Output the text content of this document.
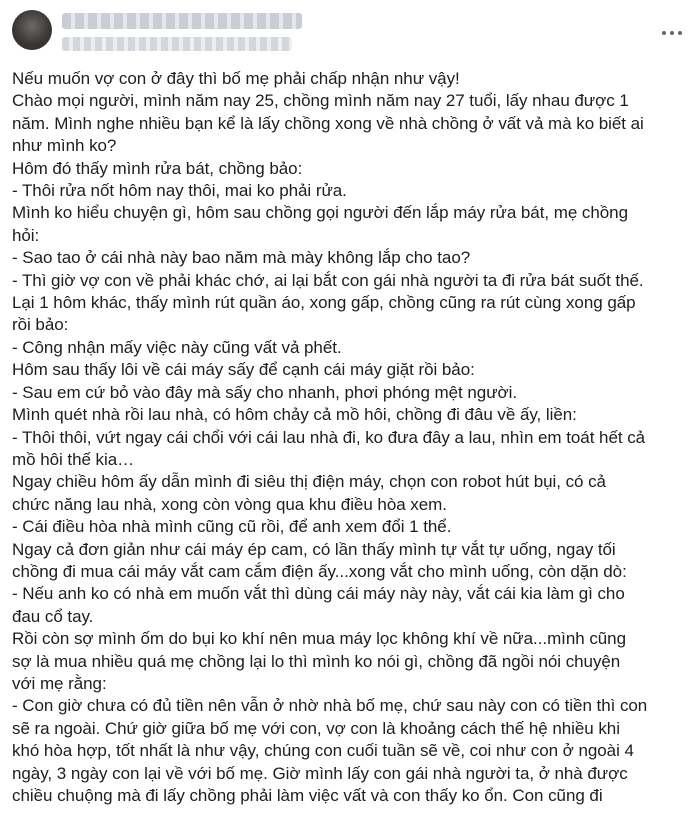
Nếu muốn vợ con ở đây thì bố mẹ phải chấp nhận như vậy!

Chào mọi người, mình năm nay 25, chồng mình năm nay 27 tuổi, lấy nhau được 1

năm. Mình nghe nhiều bạn kể là lấy chồng xong về nhà chồng ở vất vả mà ko biết ai

như mình ko?

Hôm đó thấy mình rửa bát, chồng bảo:

- Thôi rửa nốt hôm nay thôi, mai ko phải rửa.

Mình ko hiểu chuyện gì, hôm sau chồng gọi người đến lắp máy rửa bát, mẹ chồng

hỏi:

- Sao tao ở cái nhà này bao năm mà mày không lắp cho tao?

- Thì giờ vợ con về phải khác chớ, ai lại bắt con gái nhà người ta đi rửa bát suốt thế.

Lại 1 hôm khác, thấy mình rút quần áo, xong gấp, chồng cũng ra rút cùng xong gấp

rồi bảo:

- Công nhận mấy việc này cũng vất vả phết.

Hôm sau thấy lôi về cái máy sấy để cạnh cái máy giặt rồi bảo:

- Sau em cứ bỏ vào đây mà sấy cho nhanh, phơi phóng mệt người.

Mình quét nhà rồi lau nhà, có hôm chảy cả mồ hôi, chồng đi đâu về ấy, liền:

- Thôi thôi, vứt ngay cái chổi với cái lau nhà đi, ko đưa đây a lau, nhìn em toát hết cả

mồ hôi thế kia…

Ngay chiều hôm ấy dẫn mình đi siêu thị điện máy, chọn con robot hút bụi, có cả

chức năng lau nhà, xong còn vòng qua khu điều hòa xem.

- Cái điều hòa nhà mình cũng cũ rồi, để anh xem đổi 1 thể.

Ngay cả đơn giản như cái máy ép cam, có lần thấy mình tự vắt tự uống, ngay tối

chồng đi mua cái máy vắt cam cắm điện ấy...xong vắt cho mình uống, còn dặn dò:

- Nếu anh ko có nhà em muốn vắt thì dùng cái máy này này, vắt cái kia làm gì cho

đau cổ tay.

Rồi còn sợ mình ốm do bụi ko khí nên mua máy lọc không khí về nữa...mình cũng

sợ là mua nhiều quá mẹ chồng lại lo thì mình ko nói gì, chồng đã ngồi nói chuyện

với mẹ rằng:

- Con giờ chưa có đủ tiền nên vẫn ở nhờ nhà bố mẹ, chứ sau này con có tiền thì con

sẽ ra ngoài. Chứ giờ giữa bố mẹ với con, vợ con là khoảng cách thế hệ nhiều khi

khó hòa hợp, tốt nhất là như vậy, chúng con cuối tuần sẽ về, coi như con ở ngoài 4

ngày, 3 ngày con lại về với bố mẹ. Giờ mình lấy con gái nhà người ta, ở nhà được

chiều chuộng mà đi lấy chồng phải làm việc vất và con thấy ko ổn. Con cũng đi
